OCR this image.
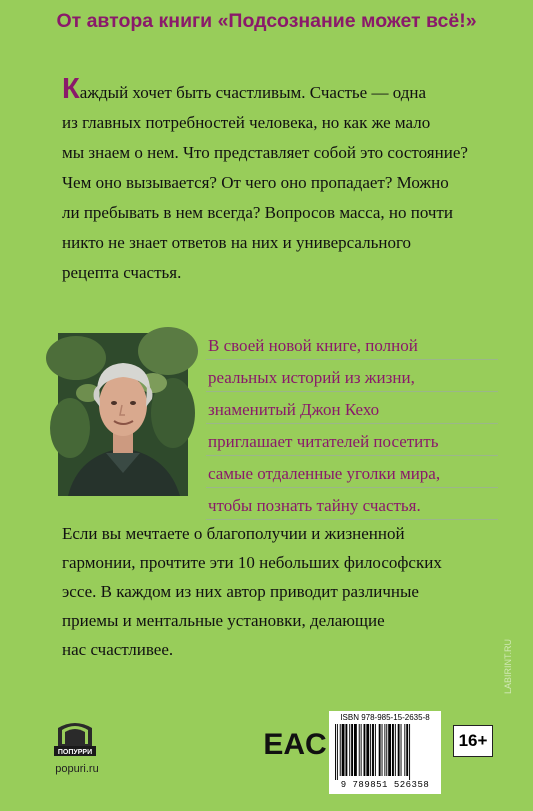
От автора книги «Подсознание может всё!»
Каждый хочет быть счастливым. Счастье — одна
из главных потребностей человека, но как же мало
мы знаем о нем. Что представляет собой это состояние?
Чем оно вызывается? От чего оно пропадает? Можно
ли пребывать в нем всегда? Вопросов масса, но почти
никто не знает ответов на них и универсального
рецепта счастья.
В своей новой книге, полной
реальных историй из жизни,
знаменитый Джон Кехо
приглашает читателей посетить
самые отдаленные уголки мира,
чтобы познать тайну счастья.
Если вы мечтаете о благополучии и жизненной
гармонии, прочтите эти 10 небольших философских
эссе. В каждом из них автор приводит различные
приемы и ментальные установки, делающие
нас счастливее.
ПОПУРРИ
popuri.ru
EAC
ISBN 978-985-15-2635-8
9 789851 526358
16+
LABIRINT.RU
